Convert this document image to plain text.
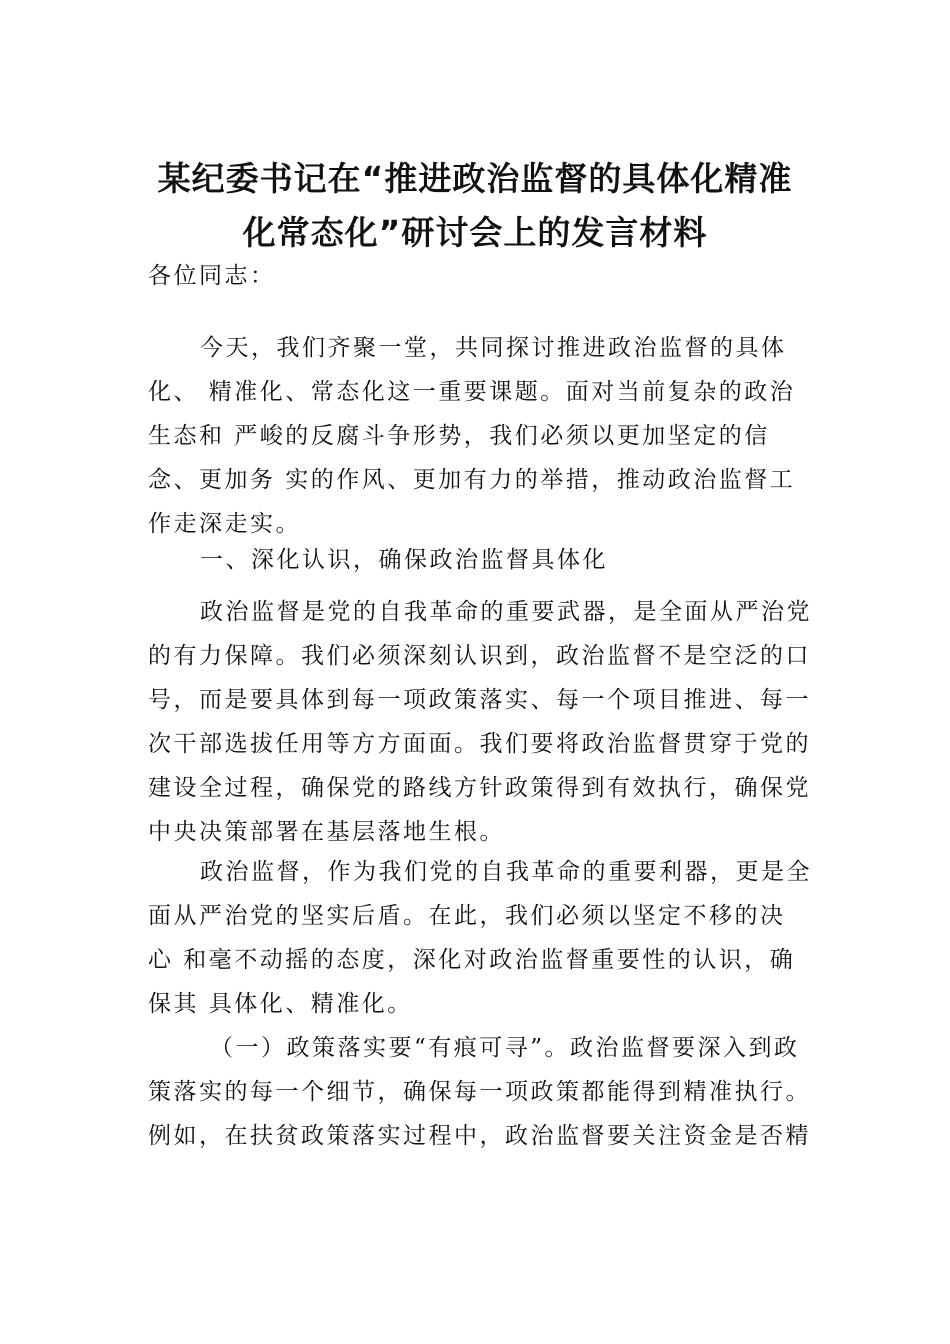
某纪委书记在“推进政治监督的具体化精准
化常态化”研讨会上的发言材料

各位同志：

今天，我们齐聚一堂，共同探讨推进政治监督的具体
化、 精准化、常态化这一重要课题。面对当前复杂的政治
生态和 严峻的反腐斗争形势，我们必须以更加坚定的信
念、更加务 实的作风、更加有力的举措，推动政治监督工
作走深走实。

一、深化认识，确保政治监督具体化

政治监督是党的自我革命的重要武器，是全面从严治党
的有力保障。我们必须深刻认识到，政治监督不是空泛的口
号，而是要具体到每一项政策落实、每一个项目推进、每一
次干部选拔任用等方方面面。我们要将政治监督贯穿于党的
建设全过程，确保党的路线方针政策得到有效执行，确保党
中央决策部署在基层落地生根。

政治监督，作为我们党的自我革命的重要利器，更是全
面从严治党的坚实后盾。在此，我们必须以坚定不移的决
心 和毫不动摇的态度，深化对政治监督重要性的认识，确
保其 具体化、精准化。

（一）政策落实要“有痕可寻”。政治监督要深入到政
策落实的每一个细节，确保每一项政策都能得到精准执行。
例如，在扶贫政策落实过程中，政治监督要关注资金是否精
